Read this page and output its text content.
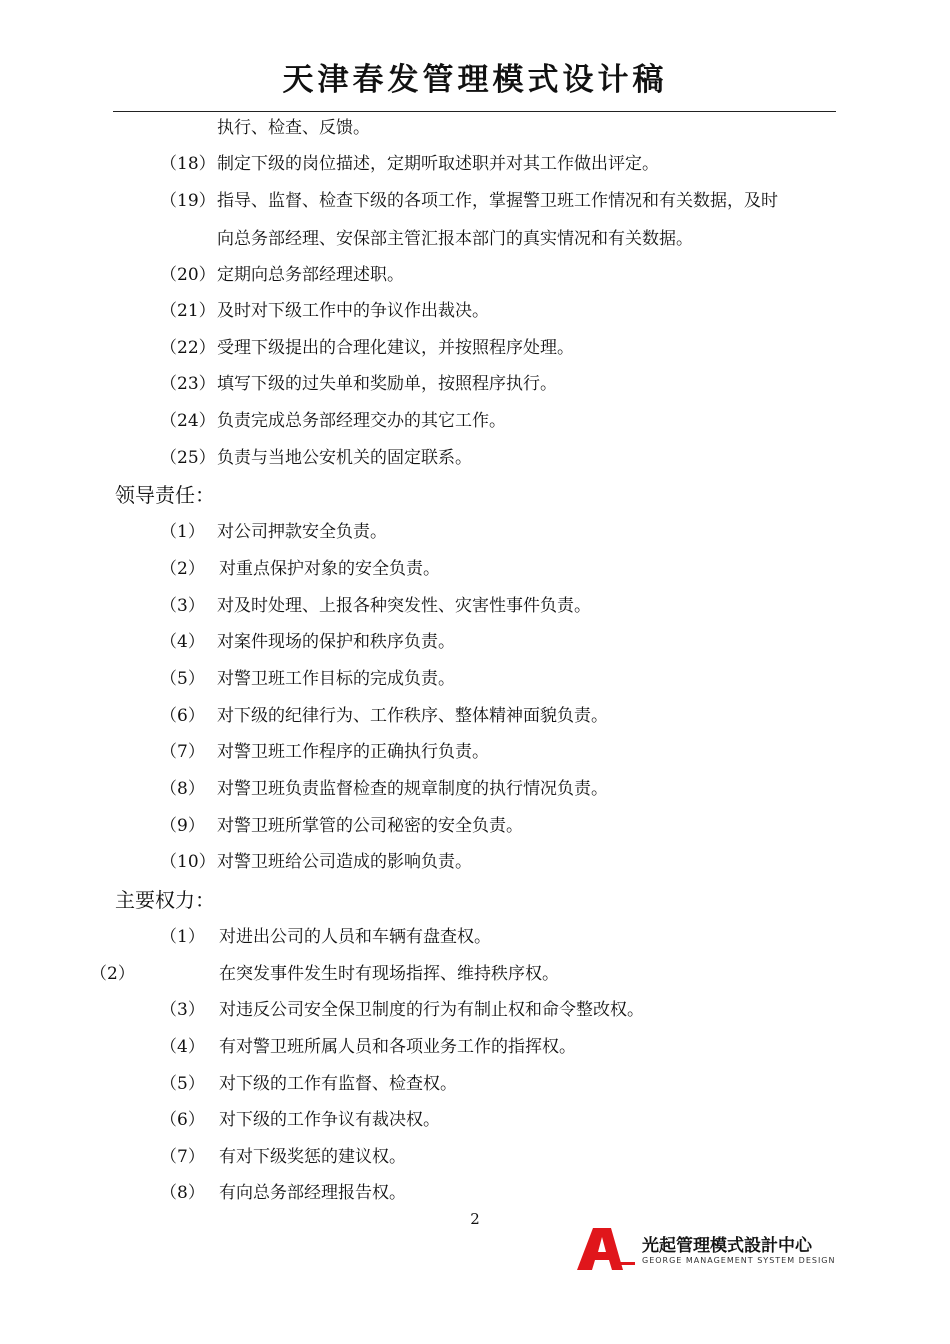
天津春发管理模式设计稿
执行、检查、反馈。
（18） 制定下级的岗位描述，定期听取述职并对其工作做出评定。
（19） 指导、监督、检查下级的各项工作，掌握警卫班工作情况和有关数据，及时
向总务部经理、安保部主管汇报本部门的真实情况和有关数据。
（20） 定期向总务部经理述职。
（21） 及时对下级工作中的争议作出裁决。
（22） 受理下级提出的合理化建议，并按照程序处理。
（23） 填写下级的过失单和奖励单，按照程序执行。
（24） 负责完成总务部经理交办的其它工作。
（25） 负责与当地公安机关的固定联系。
领导责任：
（1） 对公司押款安全负责。
（2） 对重点保护对象的安全负责。
（3） 对及时处理、上报各种突发性、灾害性事件负责。
（4） 对案件现场的保护和秩序负责。
（5） 对警卫班工作目标的完成负责。
（6） 对下级的纪律行为、工作秩序、整体精神面貌负责。
（7） 对警卫班工作程序的正确执行负责。
（8） 对警卫班负责监督检查的规章制度的执行情况负责。
（9） 对警卫班所掌管的公司秘密的安全负责。
（10） 对警卫班给公司造成的影响负责。
主要权力：
（1） 对进出公司的人员和车辆有盘查权。
（2）	在突发事件发生时有现场指挥、维持秩序权。
（3） 对违反公司安全保卫制度的行为有制止权和命令整改权。
（4） 有对警卫班所属人员和各项业务工作的指挥权。
（5） 对下级的工作有监督、检查权。
（6） 对下级的工作争议有裁决权。
（7） 有对下级奖惩的建议权。
（8） 有向总务部经理报告权。
2
光起管理模式設計中心
GEORGE MANAGEMENT SYSTEM DESIGN
